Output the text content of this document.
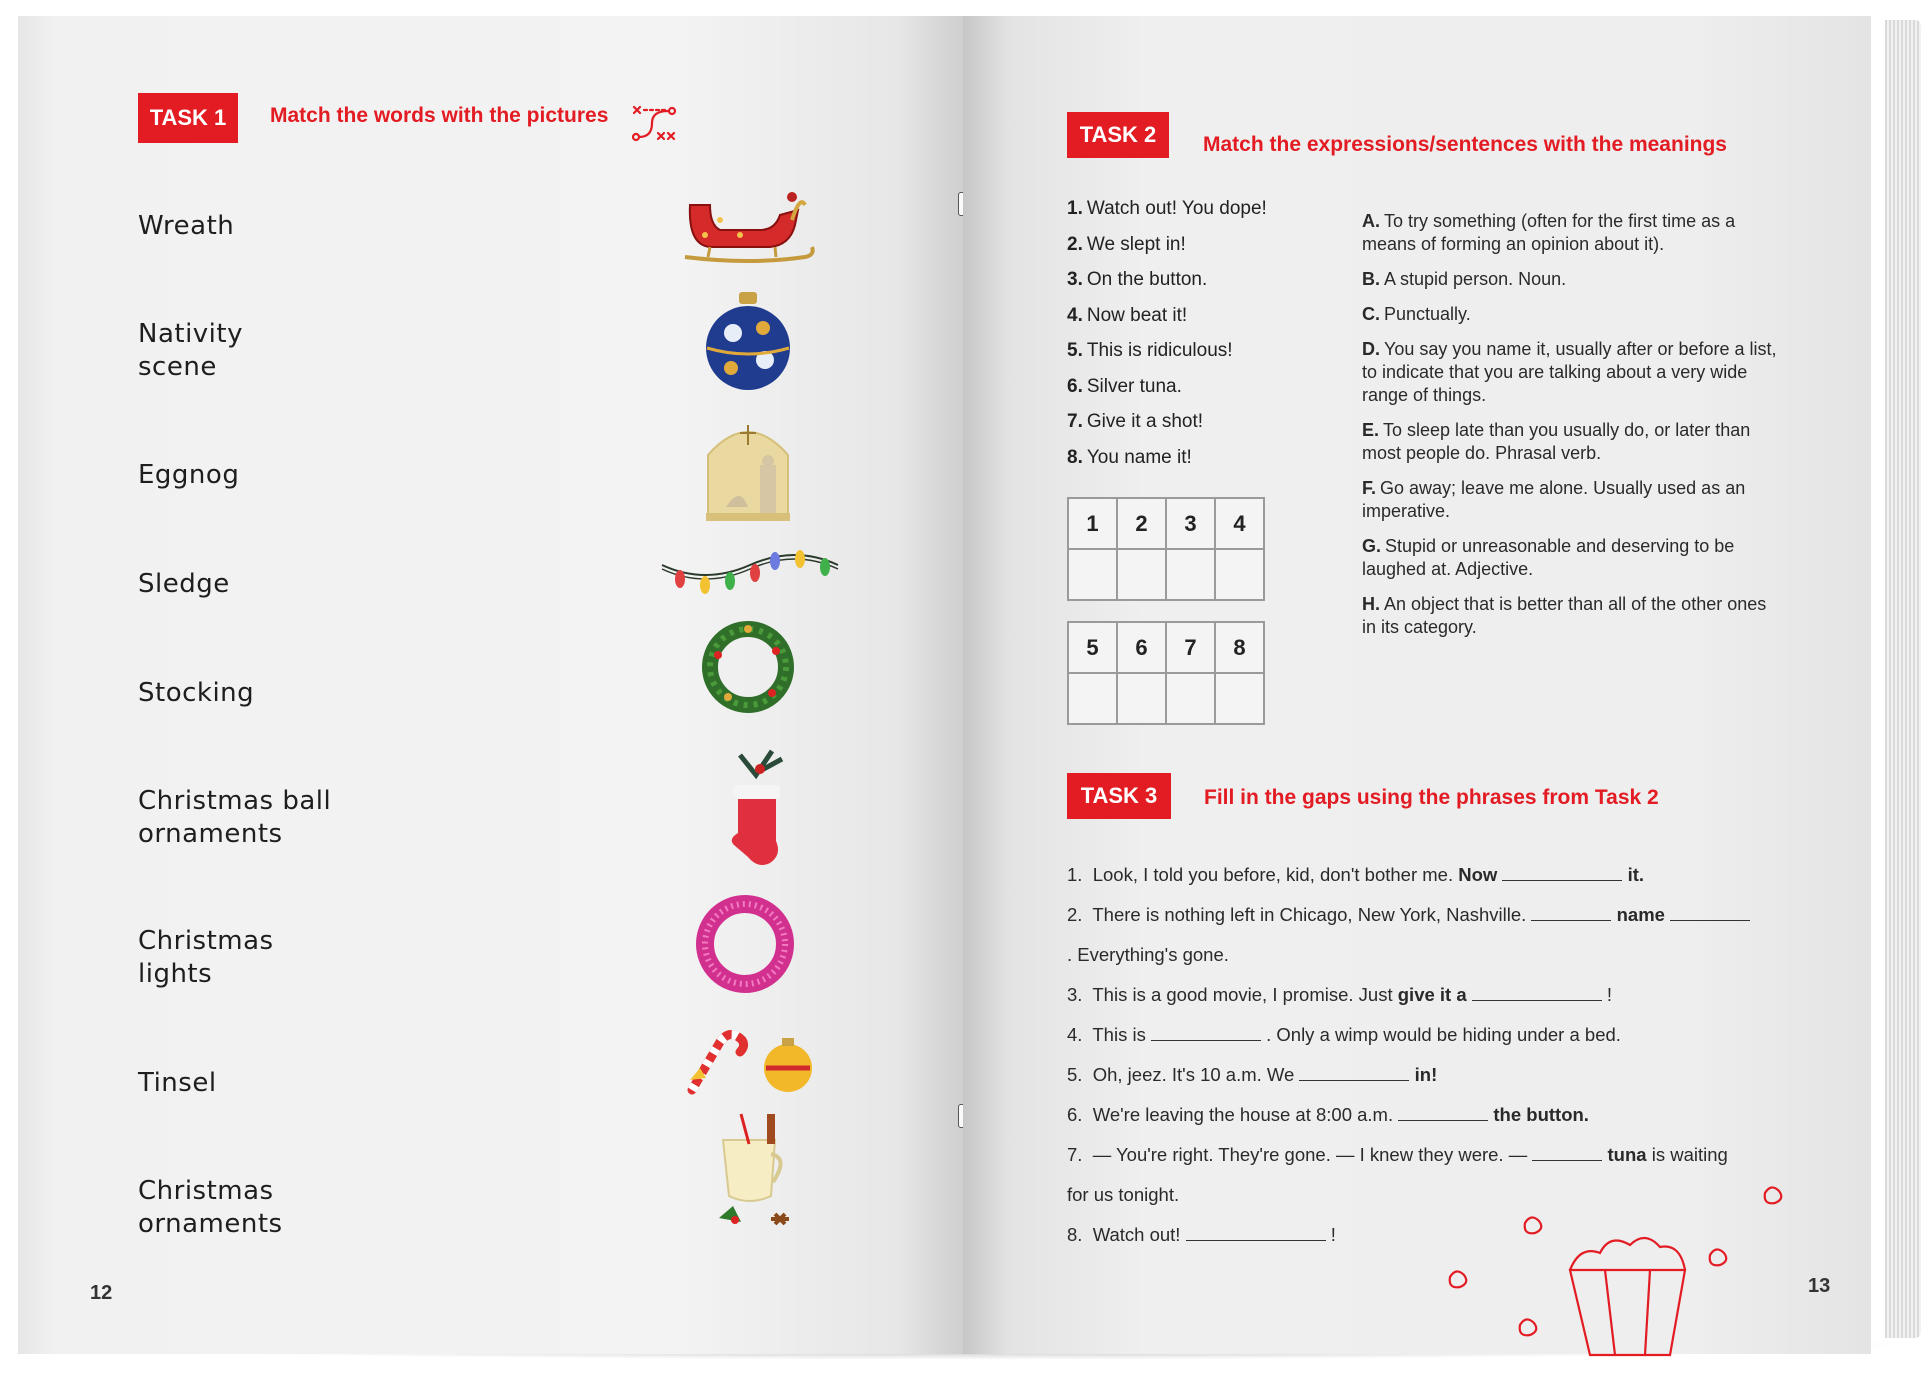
TASK 1	Match the words with the pictures
Wreath
Nativity
scene
Eggnog
Sledge
Stocking
Christmas ball
ornaments
Christmas
lights
Tinsel
Christmas
ornaments
12
TASK 2	Match the expressions/sentences with the meanings
1. Watch out! You dope!
2. We slept in!
3. On the button.
4. Now beat it!
5. This is ridiculous!
6. Silver tuna.
7. Give it a shot!
8. You name it!
A. To try something (often for the first time as a means of forming an opinion about it).
B. A stupid person. Noun.
C. Punctually.
D. You say you name it, usually after or before a list, to indicate that you are talking about a very wide range of things.
E. To sleep late than you usually do, or later than most people do. Phrasal verb.
F. Go away; leave me alone. Usually used as an imperative.
G. Stupid or unreasonable and deserving to be laughed at. Adjective.
H. An object that is better than all of the other ones in its category.
1	2	3	4

5	6	7	8

TASK 3	Fill in the gaps using the phrases from Task 2
1.  Look, I told you before, kid, don't bother me. Now	it.
2.  There is nothing left in Chicago, New York, Nashville.	name
. Everything's gone.
3.  This is a good movie, I promise. Just give it a	!
4.  This is	. Only a wimp would be hiding under a bed.
5.  Oh, jeez. It's 10 a.m. We	in!
6.  We're leaving the house at 8:00 a.m.	the button.
7.  — You're right. They're gone. — I knew they were. —	tuna is waiting
for us tonight.
8.  Watch out!	!
13
